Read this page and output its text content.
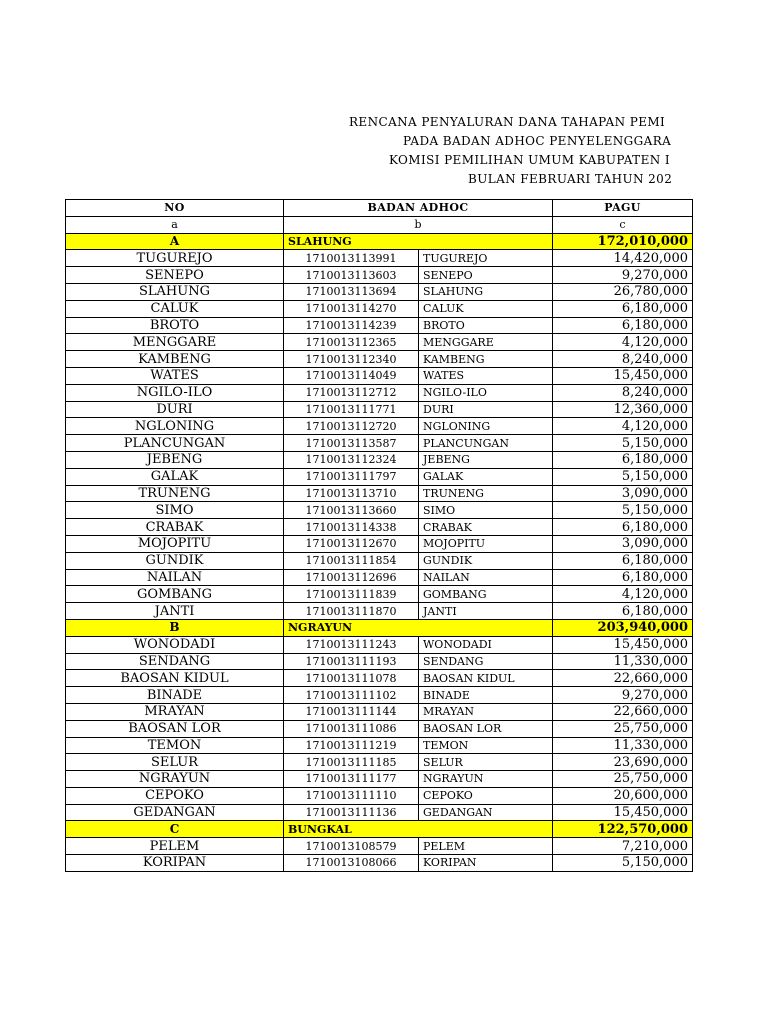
RENCANA PENYALURAN DANA TAHAPAN PEMI
PADA BADAN ADHOC PENYELENGGARA
KOMISI PEMILIHAN UMUM KABUPATEN I
BULAN FEBRUARI TAHUN 202
NO	BADAN ADHOC		PAGU
a	b		c
A	SLAHUNG		172,010,000
TUGUREJO	1710013113991	TUGUREJO	14,420,000
SENEPO	1710013113603	SENEPO	9,270,000
SLAHUNG	1710013113694	SLAHUNG	26,780,000
CALUK	1710013114270	CALUK	6,180,000
BROTO	1710013114239	BROTO	6,180,000
MENGGARE	1710013112365	MENGGARE	4,120,000
KAMBENG	1710013112340	KAMBENG	8,240,000
WATES	1710013114049	WATES	15,450,000
NGILO-ILO	1710013112712	NGILO-ILO	8,240,000
DURI	1710013111771	DURI	12,360,000
NGLONING	1710013112720	NGLONING	4,120,000
PLANCUNGAN	1710013113587	PLANCUNGAN	5,150,000
JEBENG	1710013112324	JEBENG	6,180,000
GALAK	1710013111797	GALAK	5,150,000
TRUNENG	1710013113710	TRUNENG	3,090,000
SIMO	1710013113660	SIMO	5,150,000
CRABAK	1710013114338	CRABAK	6,180,000
MOJOPITU	1710013112670	MOJOPITU	3,090,000
GUNDIK	1710013111854	GUNDIK	6,180,000
NAILAN	1710013112696	NAILAN	6,180,000
GOMBANG	1710013111839	GOMBANG	4,120,000
JANTI	1710013111870	JANTI	6,180,000
B	NGRAYUN		203,940,000
WONODADI	1710013111243	WONODADI	15,450,000
SENDANG	1710013111193	SENDANG	11,330,000
BAOSAN KIDUL	1710013111078	BAOSAN KIDUL	22,660,000
BINADE	1710013111102	BINADE	9,270,000
MRAYAN	1710013111144	MRAYAN	22,660,000
BAOSAN LOR	1710013111086	BAOSAN LOR	25,750,000
TEMON	1710013111219	TEMON	11,330,000
SELUR	1710013111185	SELUR	23,690,000
NGRAYUN	1710013111177	NGRAYUN	25,750,000
CEPOKO	1710013111110	CEPOKO	20,600,000
GEDANGAN	1710013111136	GEDANGAN	15,450,000
C	BUNGKAL		122,570,000
PELEM	1710013108579	PELEM	7,210,000
KORIPAN	1710013108066	KORIPAN	5,150,000
